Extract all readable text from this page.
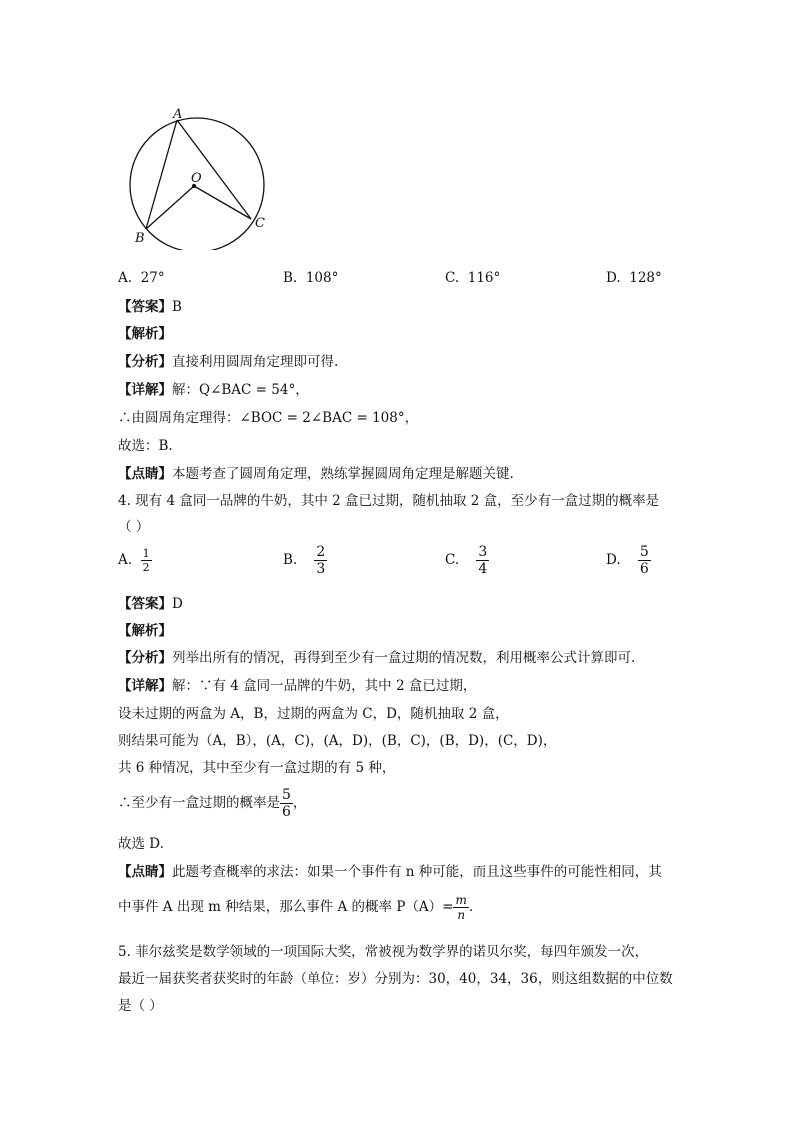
A
O
B
C
A. 27°	B. 108°	C. 116°	D. 128°
【答案】B
【解析】
【分析】直接利用圆周角定理即可得.
【详解】解：Q∠BAC = 54°，
∴由圆周角定理得：∠BOC = 2∠BAC = 108°，
故选：B.
【点睛】本题考查了圆周角定理，熟练掌握圆周角定理是解题关键.
4. 现有 4 盒同一品牌的牛奶，其中 2 盒已过期，随机抽取 2 盒，至少有一盒过期的概率是
（ ）
A. $\frac{1}{2}$	B. $\frac{2}{3}$	C. $\frac{3}{4}$	D. $\frac{5}{6}$
【答案】D
【解析】
【分析】列举出所有的情况，再得到至少有一盒过期的情况数，利用概率公式计算即可.
【详解】解：∵有 4 盒同一品牌的牛奶，其中 2 盒已过期，
设未过期的两盒为 A，B，过期的两盒为 C，D，随机抽取 2 盒，
则结果可能为（A，B），(A，C)，(A，D)，(B，C)，(B，D)，(C，D)，
共 6 种情况，其中至少有一盒过期的有 5 种，
∴至少有一盒过期的概率是 $\frac{5}{6}$ ，
故选 D.
【点睛】此题考查概率的求法：如果一个事件有 n 种可能，而且这些事件的可能性相同，其
中事件 A 出现 m 种结果，那么事件 A 的概率 $P(A)= \frac{m}{n}$ .
5. 菲尔兹奖是数学领域的一项国际大奖，常被视为数学界的诺贝尔奖，每四年颁发一次，
最近一届获奖者获奖时的年龄（单位：岁）分别为：30，40，34，36，则这组数据的中位数
是（ ）
